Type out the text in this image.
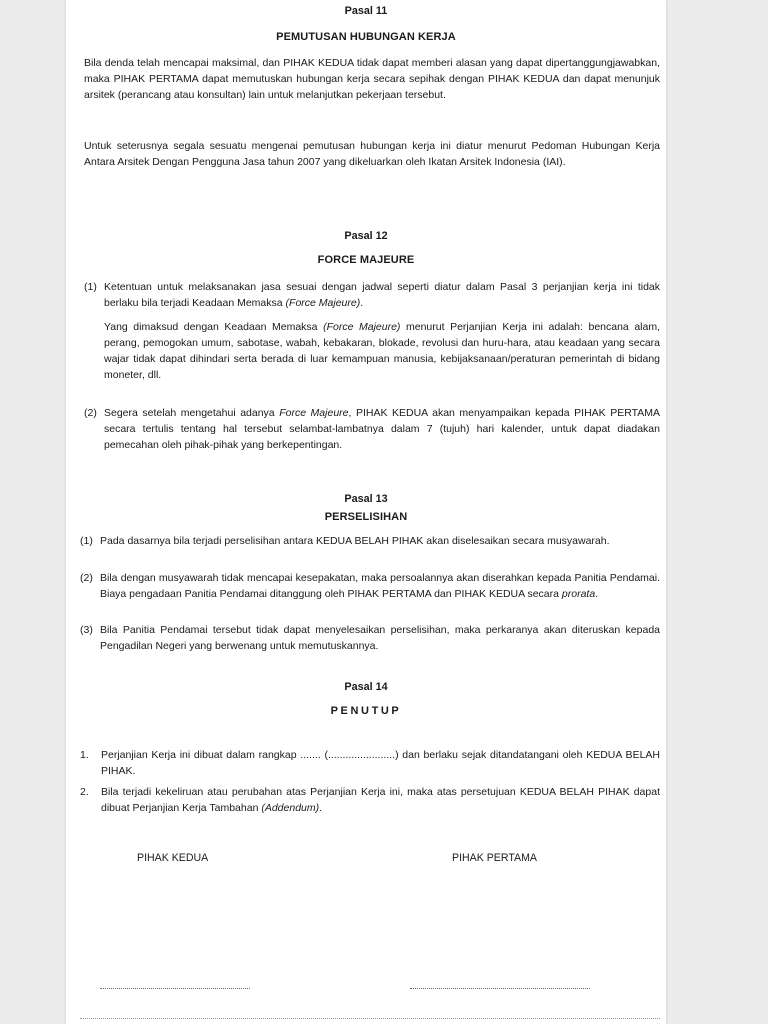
Pasal 11
PEMUTUSAN HUBUNGAN KERJA
Bila denda telah mencapai maksimal, dan PIHAK KEDUA tidak dapat memberi alasan yang dapat dipertanggungjawabkan, maka PIHAK PERTAMA dapat memutuskan hubungan kerja secara sepihak dengan PIHAK KEDUA dan dapat menunjuk arsitek (perancang atau konsultan) lain untuk melanjutkan pekerjaan tersebut.
Untuk seterusnya segala sesuatu mengenai pemutusan hubungan kerja ini diatur menurut Pedoman Hubungan Kerja Antara Arsitek Dengan Pengguna Jasa tahun 2007 yang dikeluarkan oleh Ikatan Arsitek Indonesia (IAI).
Pasal 12
FORCE MAJEURE
(1) Ketentuan untuk melaksanakan jasa sesuai dengan jadwal seperti diatur dalam Pasal 3 perjanjian kerja ini tidak berlaku bila terjadi Keadaan Memaksa (Force Majeure).
Yang dimaksud dengan Keadaan Memaksa (Force Majeure) menurut Perjanjian Kerja ini adalah: bencana alam, perang, pemogokan umum, sabotase, wabah, kebakaran, blokade, revolusi dan huru-hara, atau keadaan yang secara wajar tidak dapat dihindari serta berada di luar kemampuan manusia, kebijaksanaan/peraturan pemerintah di bidang moneter, dll.
(2) Segera setelah mengetahui adanya Force Majeure, PIHAK KEDUA akan menyampaikan kepada PIHAK PERTAMA secara tertulis tentang hal tersebut selambat-lambatnya dalam 7 (tujuh) hari kalender, untuk dapat diadakan pemecahan oleh pihak-pihak yang berkepentingan.
Pasal 13
PERSELISIHAN
(1) Pada dasarnya bila terjadi perselisihan antara KEDUA BELAH PIHAK akan diselesaikan secara musyawarah.
(2) Bila dengan musyawarah tidak mencapai kesepakatan, maka persoalannya akan diserahkan kepada Panitia Pendamai. Biaya pengadaan Panitia Pendamai ditanggung oleh PIHAK PERTAMA dan PIHAK KEDUA secara prorata.
(3) Bila Panitia Pendamai tersebut tidak dapat menyelesaikan perselisihan, maka perkaranya akan diteruskan kepada Pengadilan Negeri yang berwenang untuk memutuskannya.
Pasal 14
PENUTUP
1. Perjanjian Kerja ini dibuat dalam rangkap ....... (.......................) dan berlaku sejak ditandatangani oleh KEDUA BELAH PIHAK.
2. Bila terjadi kekeliruan atau perubahan atas Perjanjian Kerja ini, maka atas persetujuan KEDUA BELAH PIHAK dapat dibuat Perjanjian Kerja Tambahan (Addendum).
PIHAK KEDUA	PIHAK PERTAMA
